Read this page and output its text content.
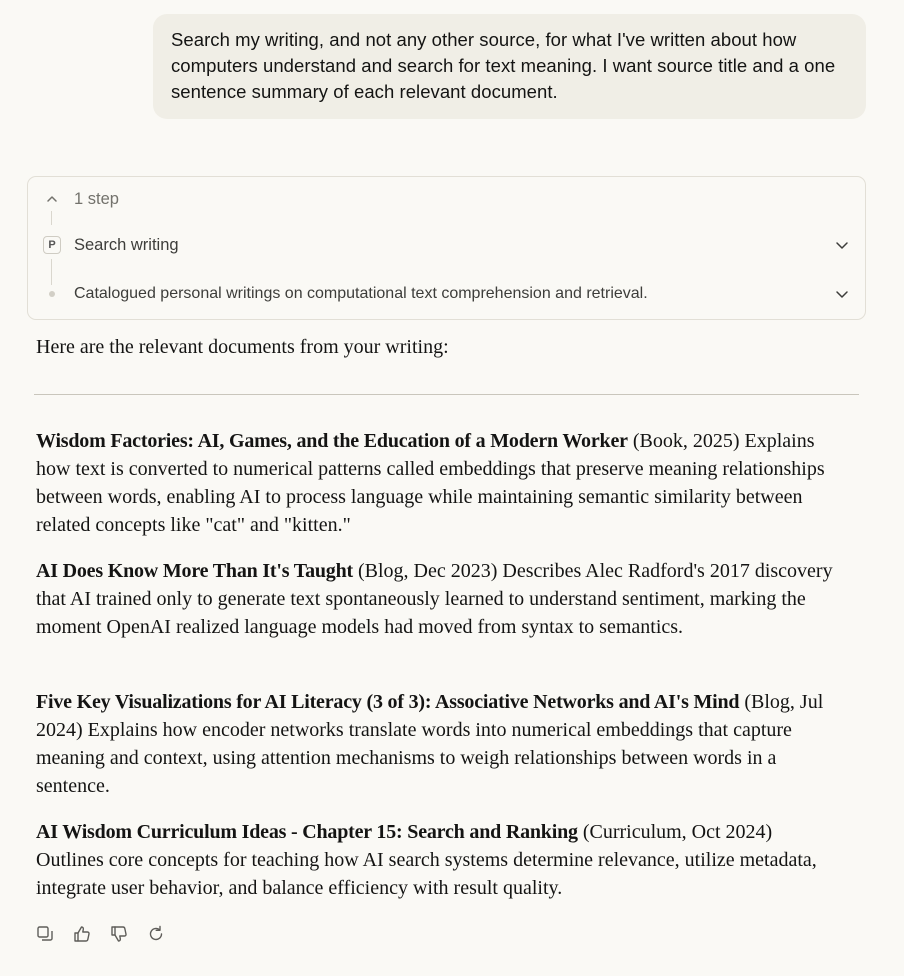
Search my writing, and not any other source, for what I've written about how computers understand and search for text meaning. I want source title and a one sentence summary of each relevant document.
1 step
P	Search writing
Catalogued personal writings on computational text comprehension and retrieval.
Here are the relevant documents from your writing:

Wisdom Factories: AI, Games, and the Education of a Modern Worker (Book, 2025) Explains how text is converted to numerical patterns called embeddings that preserve meaning relationships between words, enabling AI to process language while maintaining semantic similarity between related concepts like "cat" and "kitten."

AI Does Know More Than It's Taught (Blog, Dec 2023) Describes Alec Radford's 2017 discovery that AI trained only to generate text spontaneously learned to understand sentiment, marking the moment OpenAI realized language models had moved from syntax to semantics.

Five Key Visualizations for AI Literacy (3 of 3): Associative Networks and AI's Mind (Blog, Jul 2024) Explains how encoder networks translate words into numerical embeddings that capture meaning and context, using attention mechanisms to weigh relationships between words in a sentence.

AI Wisdom Curriculum Ideas - Chapter 15: Search and Ranking (Curriculum, Oct 2024) Outlines core concepts for teaching how AI search systems determine relevance, utilize metadata, integrate user behavior, and balance efficiency with result quality.
